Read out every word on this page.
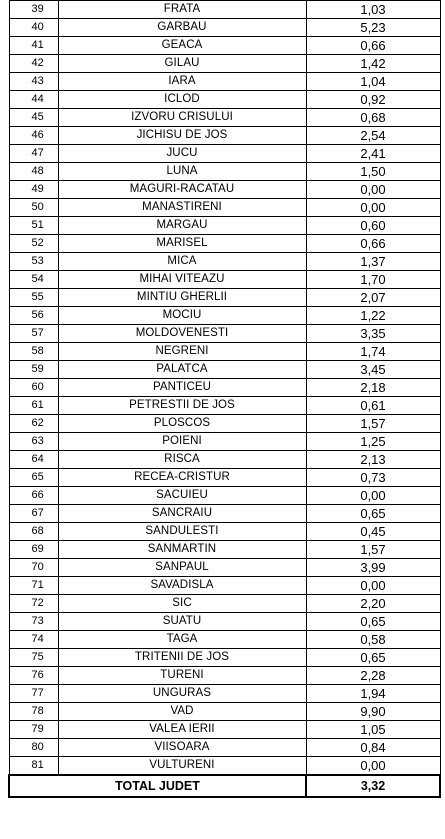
39	FRATA	1,03
40	GARBAU	5,23
41	GEACA	0,66
42	GILAU	1,42
43	IARA	1,04
44	ICLOD	0,92
45	IZVORU CRISULUI	0,68
46	JICHISU DE JOS	2,54
47	JUCU	2,41
48	LUNA	1,50
49	MAGURI-RACATAU	0,00
50	MANASTIRENI	0,00
51	MARGAU	0,60
52	MARISEL	0,66
53	MICA	1,37
54	MIHAI VITEAZU	1,70
55	MINTIU GHERLII	2,07
56	MOCIU	1,22
57	MOLDOVENESTI	3,35
58	NEGRENI	1,74
59	PALATCA	3,45
60	PANTICEU	2,18
61	PETRESTII DE JOS	0,61
62	PLOSCOS	1,57
63	POIENI	1,25
64	RISCA	2,13
65	RECEA-CRISTUR	0,73
66	SACUIEU	0,00
67	SANCRAIU	0,65
68	SANDULESTI	0,45
69	SANMARTIN	1,57
70	SANPAUL	3,99
71	SAVADISLA	0,00
72	SIC	2,20
73	SUATU	0,65
74	TAGA	0,58
75	TRITENII DE JOS	0,65
76	TURENI	2,28
77	UNGURAS	1,94
78	VAD	9,90
79	VALEA IERII	1,05
80	VIISOARA	0,84
81	VULTURENI	0,00
TOTAL JUDET		3,32
